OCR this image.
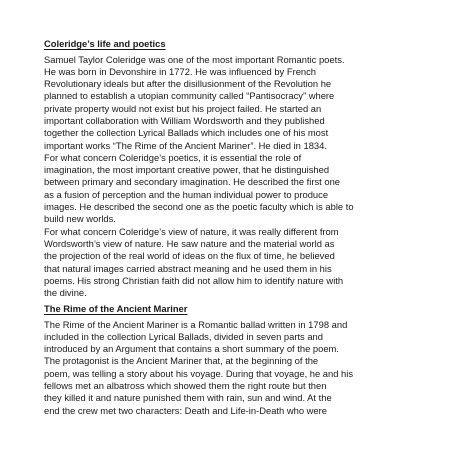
Coleridge’s life and poetics
Samuel Taylor Coleridge was one of the most important Romantic poets.
He was born in Devonshire in 1772. He was influenced by French
Revolutionary ideals but after the disillusionment of the Revolution he
planned to establish a utopian community called “Pantisocracy” where
private property would not exist but his project failed. He started an
important collaboration with William Wordsworth and they published
together the collection Lyrical Ballads which includes one of his most
important works “The Rime of the Ancient Mariner”. He died in 1834.
For what concern Coleridge’s poetics, it is essential the role of
imagination, the most important creative power, that he distinguished
between primary and secondary imagination. He described the first one
as a fusion of perception and the human individual power to produce
images. He described the second one as the poetic faculty which is able to
build new worlds.
For what concern Coleridge’s view of nature, it was really different from
Wordsworth’s view of nature. He saw nature and the material world as
the projection of the real world of ideas on the flux of time, he believed
that natural images carried abstract meaning and he used them in his
poems. His strong Christian faith did not allow him to identify nature with
the divine.
The Rime of the Ancient Mariner
The Rime of the Ancient Mariner is a Romantic ballad written in 1798 and
included in the collection Lyrical Ballads, divided in seven parts and
introduced by an Argument that contains a short summary of the poem.
The protagonist is the Ancient Mariner that, at the beginning of the
poem, was telling a story about his voyage. During that voyage, he and his
fellows met an albatross which showed them the right route but then
they killed it and nature punished them with rain, sun and wind. At the
end the crew met two characters: Death and Life-in-Death who were
